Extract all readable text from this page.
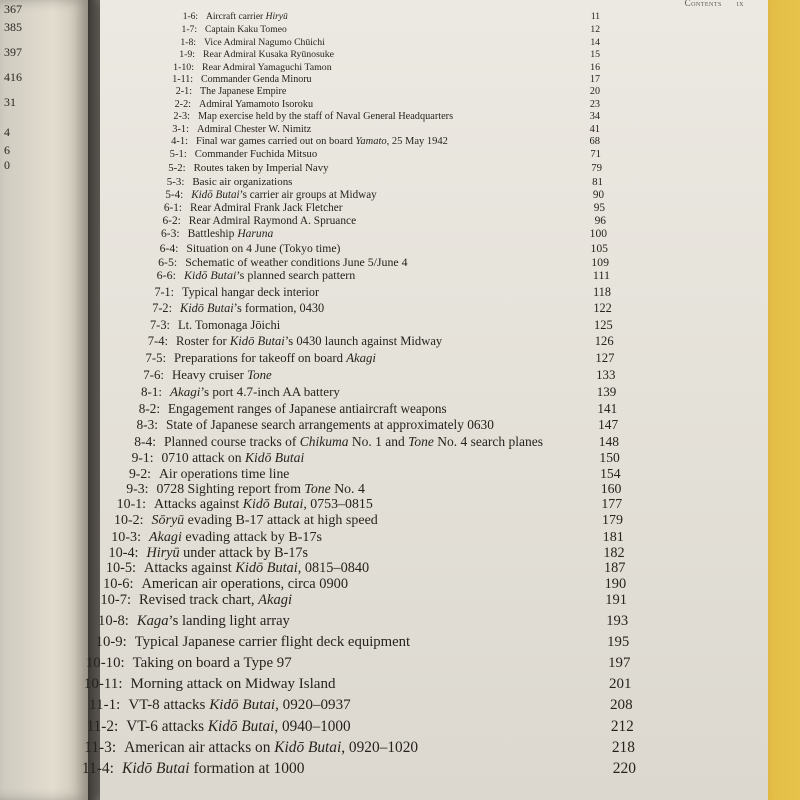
367
385
397
416
31
4
6
0
Contents ix
1-6: Aircraft carrier Hiryū	11
1-7: Captain Kaku Tomeo	12
1-8: Vice Admiral Nagumo Chūichi	14
1-9: Rear Admiral Kusaka Ryūnosuke	15
1-10: Rear Admiral Yamaguchi Tamon	16
1-11: Commander Genda Minoru	17
2-1: The Japanese Empire	20
2-2: Admiral Yamamoto Isoroku	23
2-3: Map exercise held by the staff of Naval General Headquarters	34
3-1: Admiral Chester W. Nimitz	41
4-1: Final war games carried out on board Yamato, 25 May 1942	68
5-1: Commander Fuchida Mitsuo	71
5-2: Routes taken by Imperial Navy	79
5-3: Basic air organizations	81
5-4: Kidō Butai’s carrier air groups at Midway	90
6-1: Rear Admiral Frank Jack Fletcher	95
6-2: Rear Admiral Raymond A. Spruance	96
6-3: Battleship Haruna	100
6-4: Situation on 4 June (Tokyo time)	105
6-5: Schematic of weather conditions June 5/June 4	109
6-6: Kidō Butai’s planned search pattern	111
7-1: Typical hangar deck interior	118
7-2: Kidō Butai’s formation, 0430	122
7-3: Lt. Tomonaga Jōichi	125
7-4: Roster for Kidō Butai’s 0430 launch against Midway	126
7-5: Preparations for takeoff on board Akagi	127
7-6: Heavy cruiser Tone	133
8-1: Akagi’s port 4.7-inch AA battery	139
8-2: Engagement ranges of Japanese antiaircraft weapons	141
8-3: State of Japanese search arrangements at approximately 0630	147
8-4: Planned course tracks of Chikuma No. 1 and Tone No. 4 search planes	148
9-1: 0710 attack on Kidō Butai	150
9-2: Air operations time line	154
9-3: 0728 Sighting report from Tone No. 4	160
10-1: Attacks against Kidō Butai, 0753–0815	177
10-2: Sōryū evading B-17 attack at high speed	179
10-3: Akagi evading attack by B-17s	181
10-4: Hiryū under attack by B-17s	182
10-5: Attacks against Kidō Butai, 0815–0840	187
10-6: American air operations, circa 0900	190
10-7: Revised track chart, Akagi	191
10-8: Kaga’s landing light array	193
10-9: Typical Japanese carrier flight deck equipment	195
10-10: Taking on board a Type 97	197
10-11: Morning attack on Midway Island	201
11-1: VT-8 attacks Kidō Butai, 0920–0937	208
11-2: VT-6 attacks Kidō Butai, 0940–1000	212
11-3: American air attacks on Kidō Butai, 0920–1020	218
11-4: Kidō Butai formation at 1000	220
